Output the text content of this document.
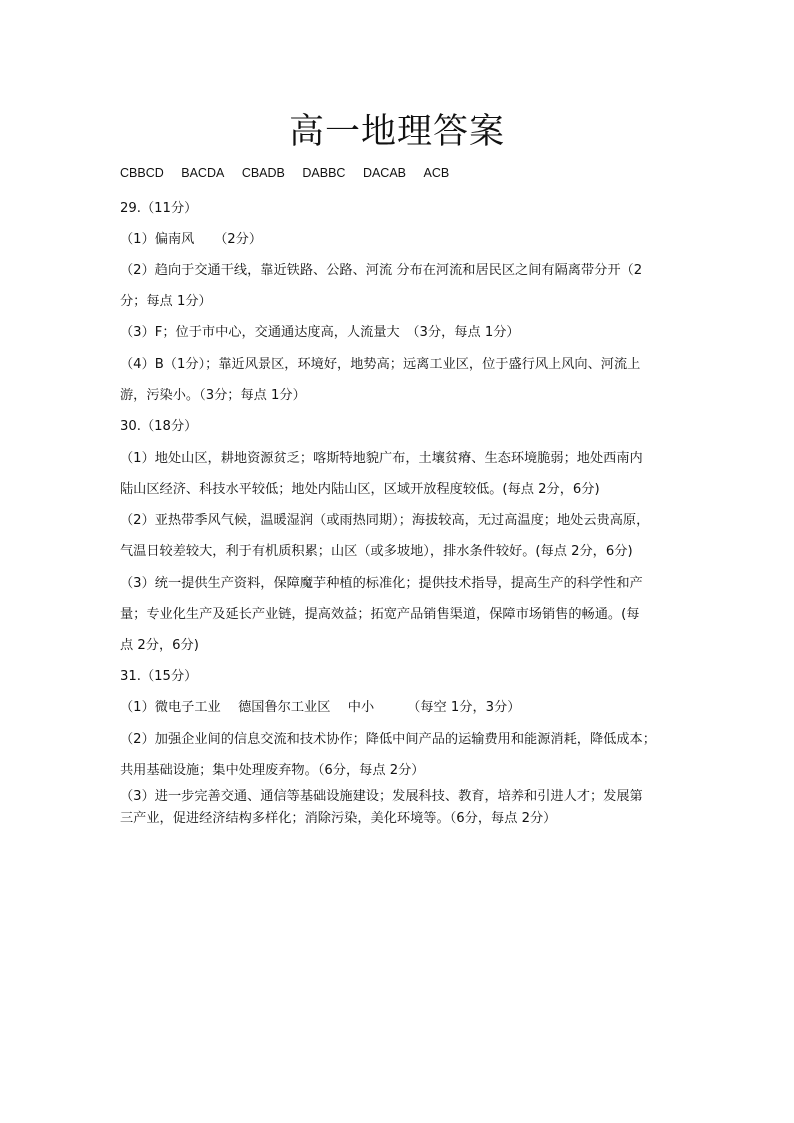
高一地理答案
CBBCD BACDA CBADB DABBC DACAB ACB
29.（11分）
（1）偏南风　　（2分）
（2）趋向于交通干线，靠近铁路、公路、河流 分布在河流和居民区之间有隔离带分开（2
分；每点 1分）
（3）F；位于市中心，交通通达度高，人流量大　（3分，每点 1分）
（4）B（1分）；靠近风景区，环境好，地势高；远离工业区，位于盛行风上风向、河流上
游，污染小。（3分；每点 1分）
30.（18分）
（1）地处山区，耕地资源贫乏；喀斯特地貌广布，土壤贫瘠、生态环境脆弱；地处西南内
陆山区经济、科技水平较低；地处内陆山区，区域开放程度较低。(每点 2分，6分)
（2）亚热带季风气候，温暖湿润（或雨热同期）；海拔较高，无过高温度；地处云贵高原，
气温日较差较大，利于有机质积累；山区（或多坡地），排水条件较好。(每点 2分，6分)
（3）统一提供生产资料，保障魔芋种植的标准化；提供技术指导，提高生产的科学性和产
量；专业化生产及延长产业链，提高效益；拓宽产品销售渠道，保障市场销售的畅通。(每
点 2分，6分)
31.（15分）
（1）微电子工业　 德国鲁尔工业区　 中小　　　（每空 1分，3分）
（2）加强企业间的信息交流和技术协作；降低中间产品的运输费用和能源消耗，降低成本；
共用基础设施；集中处理废弃物。（6分，每点 2分）
（3）进一步完善交通、通信等基础设施建设；发展科技、教育，培养和引进人才；发展第
三产业，促进经济结构多样化；消除污染，美化环境等。（6分，每点 2分）
